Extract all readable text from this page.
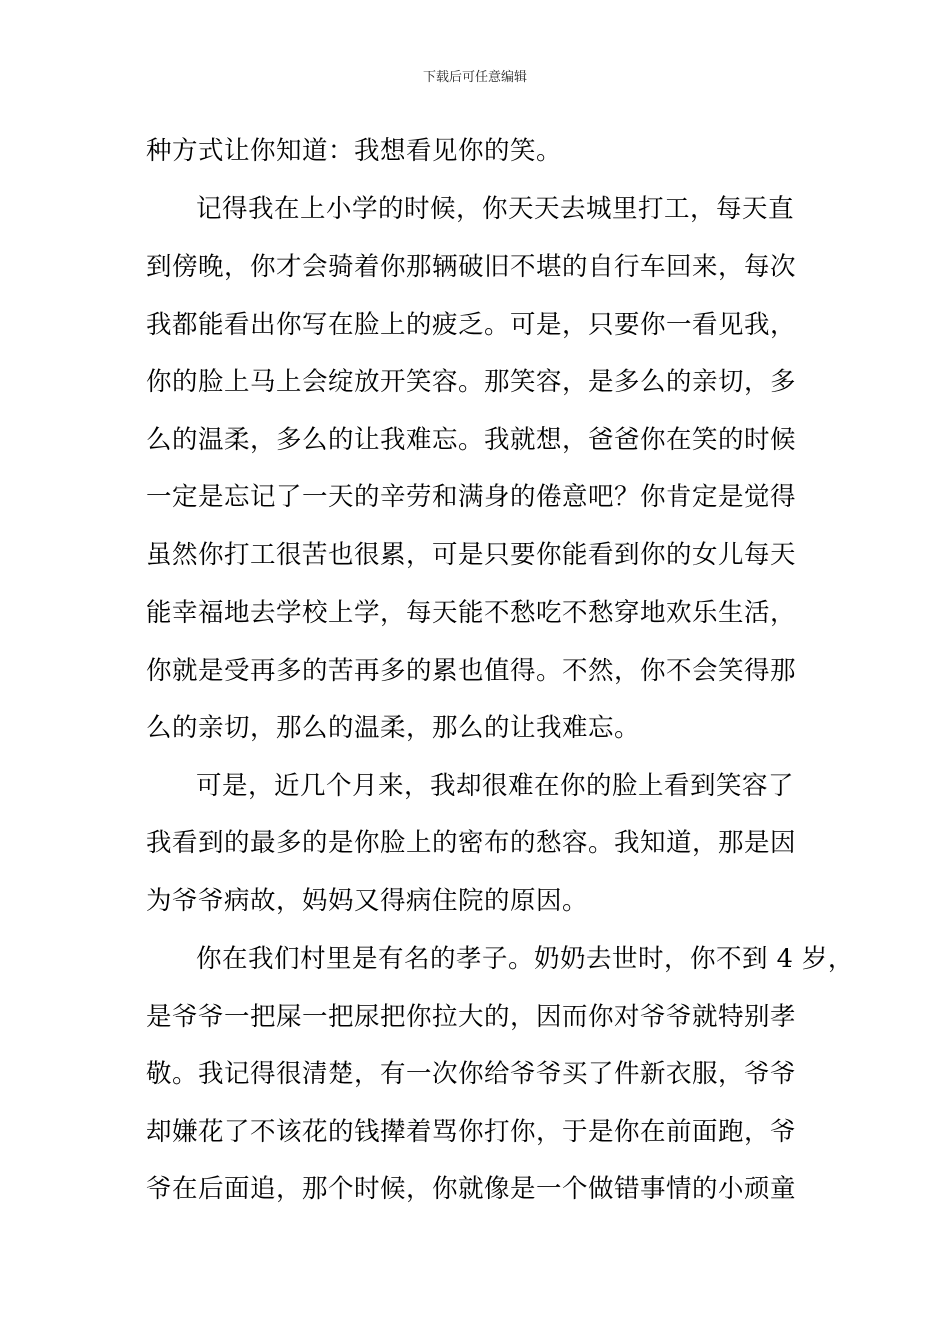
下载后可任意编辑
种方式让你知道：我想看见你的笑。
记得我在上小学的时候，你天天去城里打工，每天直
到傍晚，你才会骑着你那辆破旧不堪的自行车回来，每次
我都能看出你写在脸上的疲乏。可是，只要你一看见我，
你的脸上马上会绽放开笑容。那笑容，是多么的亲切，多
么的温柔，多么的让我难忘。我就想，爸爸你在笑的时候
一定是忘记了一天的辛劳和满身的倦意吧？你肯定是觉得
虽然你打工很苦也很累，可是只要你能看到你的女儿每天
能幸福地去学校上学，每天能不愁吃不愁穿地欢乐生活，
你就是受再多的苦再多的累也值得。不然，你不会笑得那
么的亲切，那么的温柔，那么的让我难忘。
可是，近几个月来，我却很难在你的脸上看到笑容了
我看到的最多的是你脸上的密布的愁容。我知道，那是因
为爷爷病故，妈妈又得病住院的原因。
你在我们村里是有名的孝子。奶奶去世时，你不到 4 岁，
是爷爷一把屎一把尿把你拉大的，因而你对爷爷就特别孝
敬。我记得很清楚，有一次你给爷爷买了件新衣服，爷爷
却嫌花了不该花的钱撵着骂你打你，于是你在前面跑，爷
爷在后面追，那个时候，你就像是一个做错事情的小顽童
